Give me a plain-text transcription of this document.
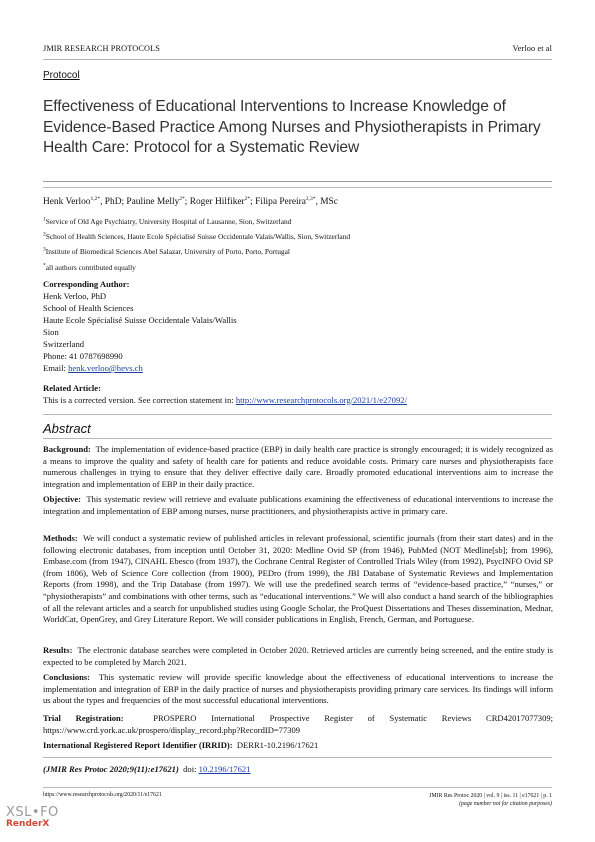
JMIR RESEARCH PROTOCOLS	Verloo et al
Protocol
Effectiveness of Educational Interventions to Increase Knowledge of Evidence-Based Practice Among Nurses and Physiotherapists in Primary Health Care: Protocol for a Systematic Review
Henk Verloo$^{1,2*}$, PhD; Pauline Melly$^{2*}$; Roger Hilfiker$^{2*}$; Filipa Pereira$^{2,3*}$, MSc
$^1$Service of Old Age Psychiatry, University Hospital of Lausanne, Sion, Switzerland
$^2$School of Health Sciences, Haute Ecole Spécialisé Suisse Occidentale Valais/Wallis, Sion, Switzerland
$^3$Institute of Biomedical Sciences Abel Salazar, University of Porto, Porto, Portugal
*all authors contributed equally
Corresponding Author:
Henk Verloo, PhD
School of Health Sciences
Haute Ecole Spécialisé Suisse Occidentale Valais/Wallis
Sion
Switzerland
Phone: 41 0787698990
Email: henk.verloo@hevs.ch
Related Article:
This is a corrected version. See correction statement in: http://www.researchprotocols.org/2021/1/e27092/
Abstract
Background: The implementation of evidence-based practice (EBP) in daily health care practice is strongly encouraged; it is widely recognized as a means to improve the quality and safety of health care for patients and reduce avoidable costs. Primary care nurses and physiotherapists face numerous challenges in trying to ensure that they deliver effective daily care. Broadly promoted educational interventions aim to increase the integration and implementation of EBP in their daily practice.
Objective: This systematic review will retrieve and evaluate publications examining the effectiveness of educational interventions to increase the integration and implementation of EBP among nurses, nurse practitioners, and physiotherapists active in primary care.
Methods: We will conduct a systematic review of published articles in relevant professional, scientific journals (from their start dates) and in the following electronic databases, from inception until October 31, 2020: Medline Ovid SP (from 1946), PubMed (NOT Medline[sb]; from 1996), Embase.com (from 1947), CINAHL Ebesco (from 1937), the Cochrane Central Register of Controlled Trials Wiley (from 1992), PsycINFO Ovid SP (from 1806), Web of Science Core collection (from 1900), PEDro (from 1999), the JBI Database of Systematic Reviews and Implementation Reports (from 1998), and the Trip Database (from 1997). We will use the predefined search terms of “evidence-based practice,” “nurses,” or “physiotherapists” and combinations with other terms, such as “educational interventions.” We will also conduct a hand search of the bibliographies of all the relevant articles and a search for unpublished studies using Google Scholar, the ProQuest Dissertations and Theses dissemination, Mednar, WorldCat, OpenGrey, and Grey Literature Report. We will consider publications in English, French, German, and Portuguese.
Results: The electronic database searches were completed in October 2020. Retrieved articles are currently being screened, and the entire study is expected to be completed by March 2021.
Conclusions: This systematic review will provide specific knowledge about the effectiveness of educational interventions to increase the implementation and integration of EBP in the daily practice of nurses and physiotherapists providing primary care services. Its findings will inform us about the types and frequencies of the most successful educational interventions.
Trial Registration:	PROSPERO International Prospective Register of Systematic Reviews CRD42017077309; https://www.crd.york.ac.uk/prospero/display_record.php?RecordID=77309
International Registered Report Identifier (IRRID): DERR1-10.2196/17621
(JMIR Res Protoc 2020;9(11):e17621) doi: 10.2196/17621
https://www.researchprotocols.org/2020/11/e17621	JMIR Res Protoc 2020 | vol. 9 | iss. 11 | e17621 | p. 1
(page number not for citation purposes)
XSL•FO
RenderX
